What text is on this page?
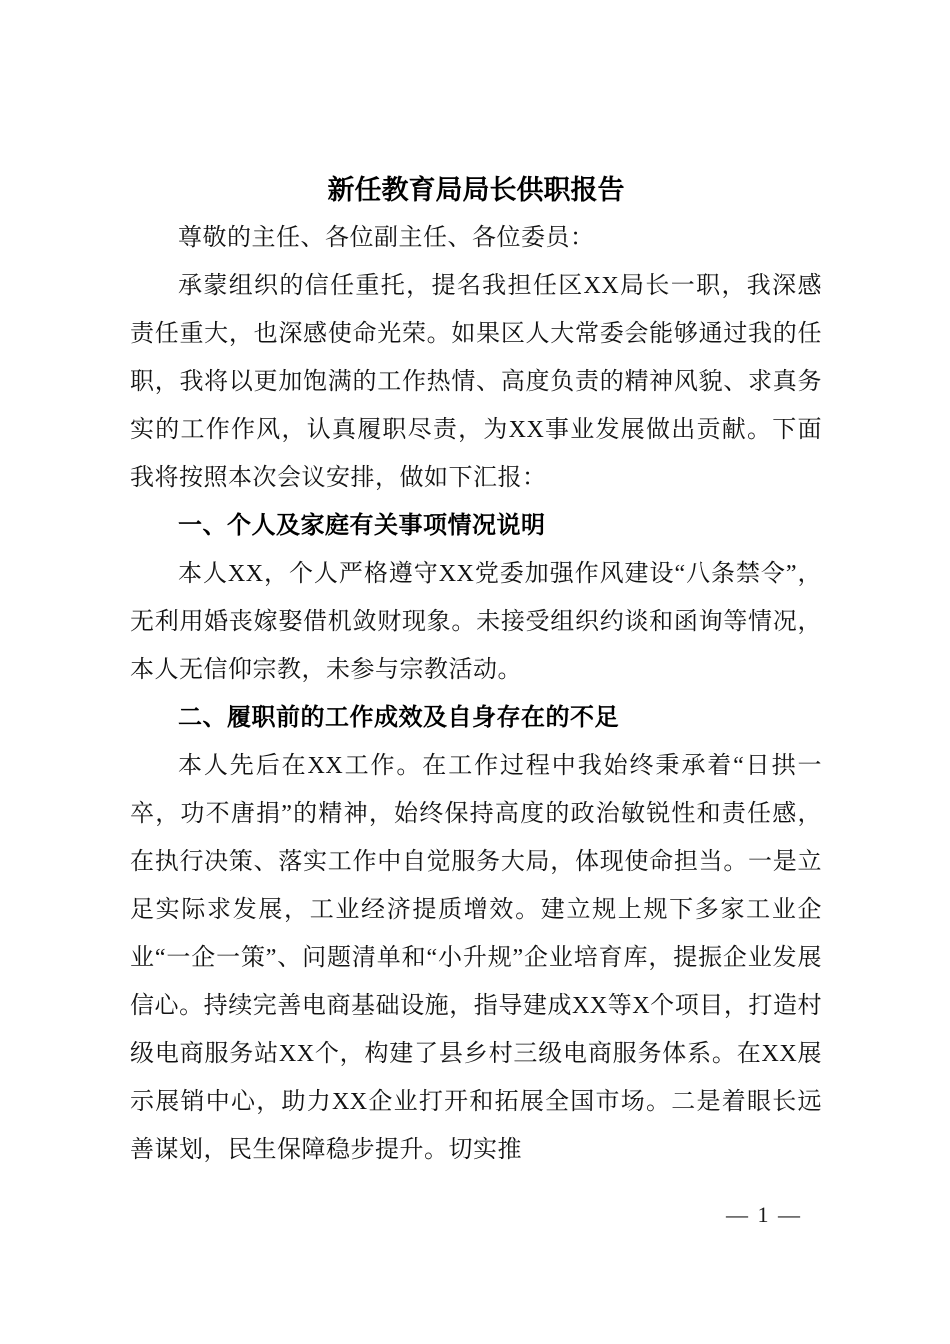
新任教育局局长供职报告

尊敬的主任、各位副主任、各位委员：

承蒙组织的信任重托，提名我担任区XX局长一职，我深感责任重大，也深感使命光荣。如果区人大常委会能够通过我的任职，我将以更加饱满的工作热情、高度负责的精神风貌、求真务实的工作作风，认真履职尽责，为XX事业发展做出贡献。下面我将按照本次会议安排，做如下汇报：

一、个人及家庭有关事项情况说明

本人XX，个人严格遵守XX党委加强作风建设“八条禁令”，无利用婚丧嫁娶借机敛财现象。未接受组织约谈和函询等情况，本人无信仰宗教，未参与宗教活动。

二、履职前的工作成效及自身存在的不足

本人先后在XX工作。在工作过程中我始终秉承着“日拱一卒，功不唐捐”的精神，始终保持高度的政治敏锐性和责任感，在执行决策、落实工作中自觉服务大局，体现使命担当。一是立足实际求发展，工业经济提质增效。建立规上规下多家工业企业“一企一策”、问题清单和“小升规”企业培育库，提振企业发展信心。持续完善电商基础设施，指导建成XX等X个项目，打造村级电商服务站XX个，构建了县乡村三级电商服务体系。在XX展示展销中心，助力XX企业打开和拓展全国市场。二是着眼长远善谋划，民生保障稳步提升。切实推

— 1 —
